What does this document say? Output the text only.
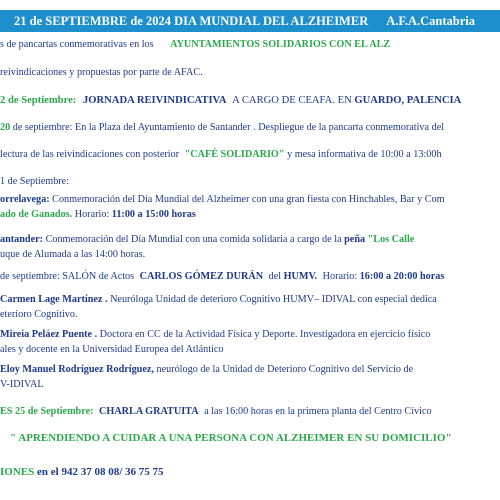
21 de SEPTIEMBRE de 2024 DIA MUNDIAL DEL ALZHEIMER A.F.A.Cantabria
s de pancartas conmemorativas en los AYUNTAMIENTOS SOLIDARIOS CON EL ALZ
reivindicaciones y propuestas por parte de AFAC.
2 de Septiembre: JORNADA REIVINDICATIVA A CARGO DE CEAFA. EN GUARDO, PALENCIA
20 de septiembre: En la Plaza del Ayuntamiento de Santander . Despliegue de la pancarta conmemorativa del
lectura de las reivindicaciones con posterior "CAFÉ SOLIDARIO" y mesa informativa de 10:00 a 13:00h
1 de Septiembre:
orrelavega: Conmemoración del Día Mundial del Alzheimer con una gran fiesta con Hinchables, Bar y Com
ado de Ganados. Horario: 11:00 a 15:00 horas
antander: Conmemoración del Día Mundial con una comida solidaria a cargo de la peña "Los Calle
uque de Alumada a las 14:00 horas.
de septiembre: SALÓN de Actos CARLOS GÓMEZ DURÁN del HUMV. Horario: 16:00 a 20:00 horas
Carmen Lage Martínez . Neuróloga Unidad de deterioro Cognitivo HUMV– IDIVAL con especial dedica
eterioro Cognitivo.
Mireia Peláez Puente . Doctora en CC de la Actividad Física y Deporte. Investigadora en ejercicio físico
ales y docente en la Universidad Europea del Atlántico
Eloy Manuel Rodríguez Rodríguez, neurólogo de la Unidad de Deterioro Cognitivo del Servicio de
V-IDIVAL
ES 25 de Septiembre: CHARLA GRATUITA a las 16:00 horas en la primera planta del Centro Cívico
" APRENDIENDO A CUIDAR A UNA PERSONA CON ALZHEIMER EN SU DOMICILIO"
IONES en el 942 37 08 08/ 36 75 75
